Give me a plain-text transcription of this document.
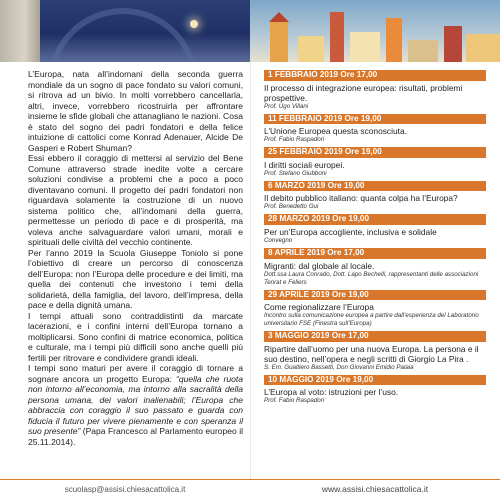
L’Europa, nata all’indomani della seconda guerra mondiale da un sogno di pace fondato su valori comuni, si ritrova ad un bivio. In molti vorrebbero cancellarla, altri, invece, vorrebbero ricostruirla per affrontare insieme le sfide globali che attanagliano le nazioni. Cosa è stato del sogno dei padri fondatori e della felice intuizione di cattolici come Konrad Adenauer, Alcide De Gasperi e Robert Shuman?

Essi ebbero il coraggio di mettersi al servizio del Bene Comune attraverso strade inedite volte a cercare soluzioni condivise a problemi che a poco a poco diventavano comuni. Il progetto dei padri fondatori non riguardava solamente la costruzione di un nuovo sistema politico che, all’indomani della guerra, permettesse un periodo di pace e di prosperità, ma voleva anche salvaguardare valori umani, morali e spirituali delle civiltà del vecchio continente.

Per l’anno 2019 la Scuola Giuseppe Toniolo si pone l’obiettivo di creare un percorso di conoscenza dell’Europa: non l’Europa delle procedure e dei limiti, ma quella dei contenuti che investono i temi della solidarietà, della famiglia, del lavoro, dell’impresa, della pace e della dignità umana.

I tempi attuali sono contraddistinti da marcate lacerazioni, e i confini interni dell’Europa tornano a moltiplicarsi. Sono confini di matrice economica, politica e culturale, ma i tempi più difficili sono anche quelli più fertili per ritrovare e condividere grandi ideali.

I tempi sono maturi per avere il coraggio di tornare a sognare ancora un progetto Europa: “quella che ruota non intorno all’economia, ma intorno alla sacralità della persona umana, dei valori inalienabili; l’Europa che abbraccia con coraggio il suo passato e guarda con fiducia il futuro per vivere pienamente e con speranza il suo presente” (Papa Francesco al Parlamento europeo il 25.11.2014).

scuolasp@assisi.chiesacattolica.it
1 FEBBRAIO 2019 Ore 17,00
Il processo di integrazione europea: risultati, problemi prospettive.
Prof. Ugo Villani
11 FEBBRAIO 2019 Ore 19,00
L’Unione Europea questa sconosciuta.
Prof. Fabio Raspadori
25 FEBBRAIO 2019 Ore 19,00
I diritti sociali europei.
Prof. Stefano Giubboni
6 MARZO 2019 Ore 19,00
Il debito pubblico italiano: quanta colpa ha l’Europa?
Prof. Benedetto Gui
28 MARZO 2019 Ore 19,00
Per un’Europa accogliente, inclusiva e solidale
Convegno
8 APRILE 2019 Ore 17,00
Migranti: dal globale al locale.
Dott.ssa Laura Conrado, Dott. Lapo Bechelli, rappresentanti delle associazioni Tenrat e Feliers
29 APRILE 2019 Ore 19,00
Come regionalizzare l’Europa
Incontro sulla comunicazione europea a partire dall’esperienza del Laboratorio universitario FSE (Finestra sull’Europa)
3 MAGGIO 2019 Ore 17,00
Ripartire dall’uomo per una nuova Europa. La persona e il suo destino, nell’opera e negli scritti di Giorgio La Pira .
S. Em. Gualtiero Bassetti, Don Giovanni Emidio Palaia
10 MAGGIO 2019 Ore 19,00
L’Europa al voto: istruzioni per l’uso.
Prof. Fabio Raspadori
www.assisi.chiesacattolica.it
